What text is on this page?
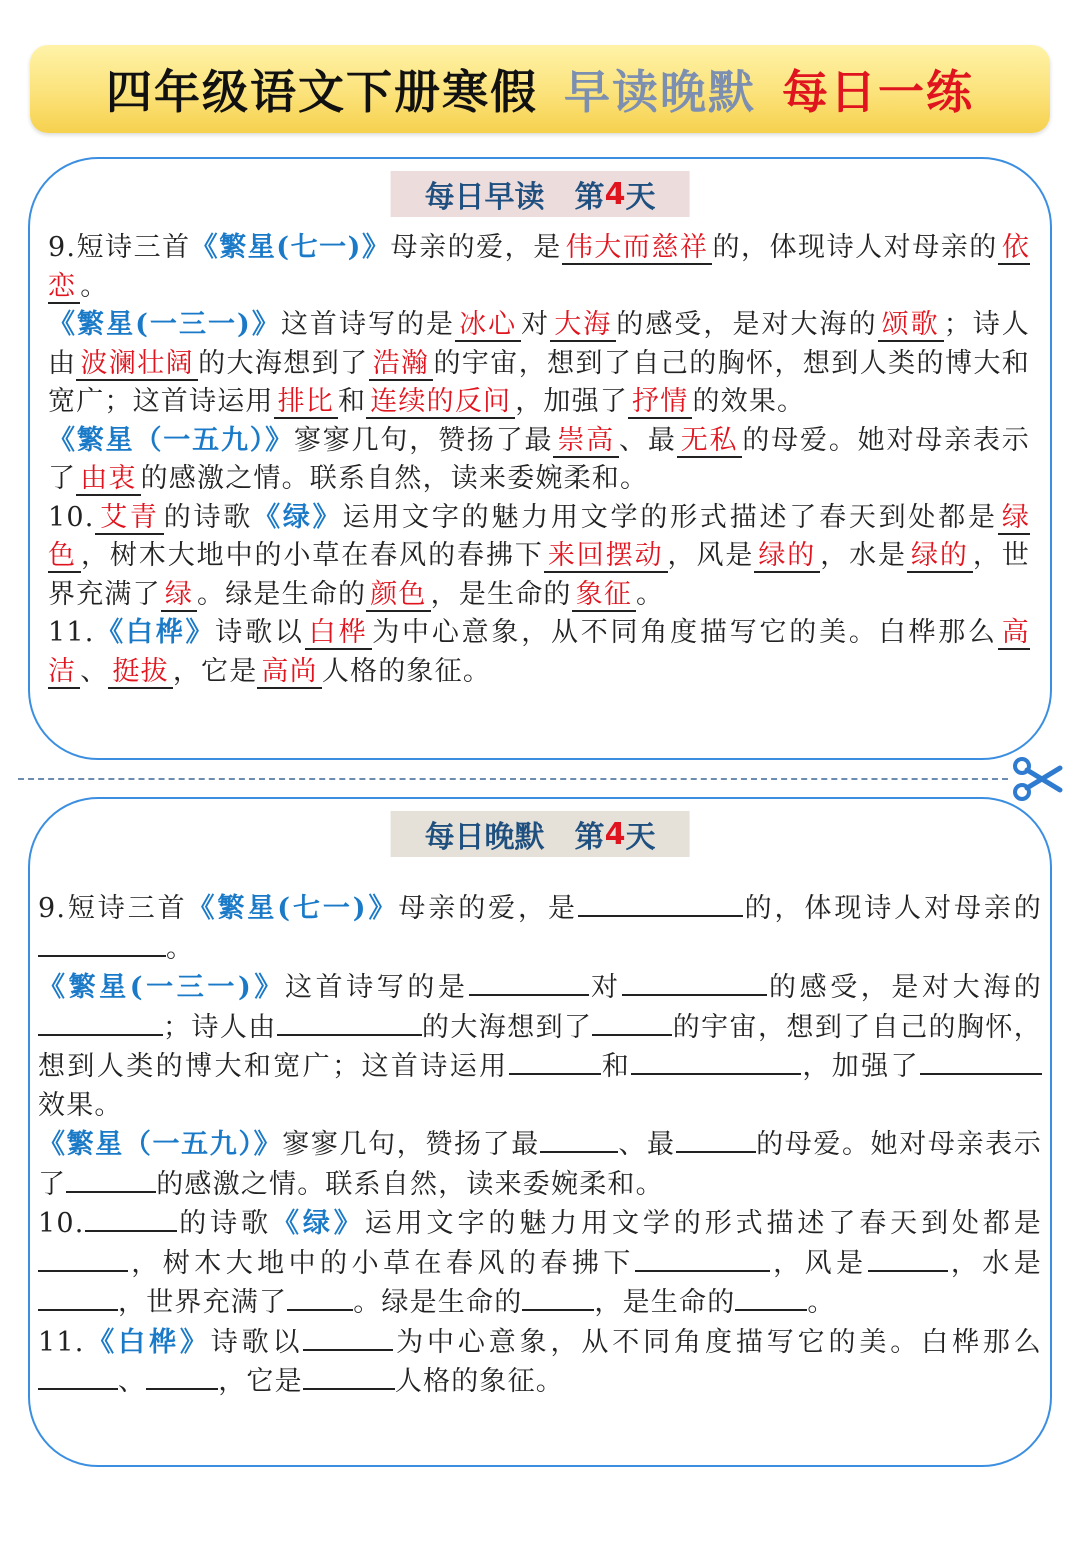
四年级语文下册寒假 早读晚默 每日一练
每日早读　第 4 天

9.短诗三首《繁星(七一)》母亲的爱，是 伟大而慈祥 的，体现诗人对母亲的 依恋 。

《繁星(一三一)》这首诗写的是 冰心 对 大海 的感受，是对大海的 颂歌 ；诗人由 波澜壮阔 的大海想到了 浩瀚 的宇宙，想到了自己的胸怀，想到人类的博大和宽广；这首诗运用 排比 和 连续的反问 ，加强了 抒情 的效果。

《繁星（一五九）》寥寥几句，赞扬了最 崇高 、最 无私 的母爱。她对母亲表示了 由衷 的感激之情。联系自然，读来委婉柔和。

10. 艾青 的诗歌《绿》运用文字的魅力用文学的形式描述了春天到处都是 绿色 ，树木大地中的小草在春风的春拂下 来回摆动 ，风是 绿的 ，水是 绿的 ，世界充满了 绿 。绿是生命的 颜色 ，是生命的 象征 。

11.《白桦》诗歌以 白桦 为中心意象，从不同角度描写它的美。白桦那么 高洁 、 挺拔 ，它是 高尚 人格的象征。

每日晚默　第 4 天

9.短诗三首《繁星(七一)》母亲的爱，是	的，体现诗人对母亲的。

《繁星(一三一)》这首诗写的是	对	的感受，是对大海的；诗人由	的大海想到了	的宇宙，想到了自己的胸怀，想到人类的博大和宽广；这首诗运用	和	，加强了效果。

《繁星（一五九）》寥寥几句，赞扬了最	、最	的母爱。她对母亲表示了	的感激之情。联系自然，读来委婉柔和。

10.	的诗歌《绿》运用文字的魅力用文学的形式描述了春天到处都是，树木大地中的小草在春风的春拂下	，风是	，水是，世界充满了 。绿是生命的	，是生命的	。

11.《白桦》诗歌以	为中心意象，从不同角度描写它的美。白桦那么、	，它是	人格的象征。
